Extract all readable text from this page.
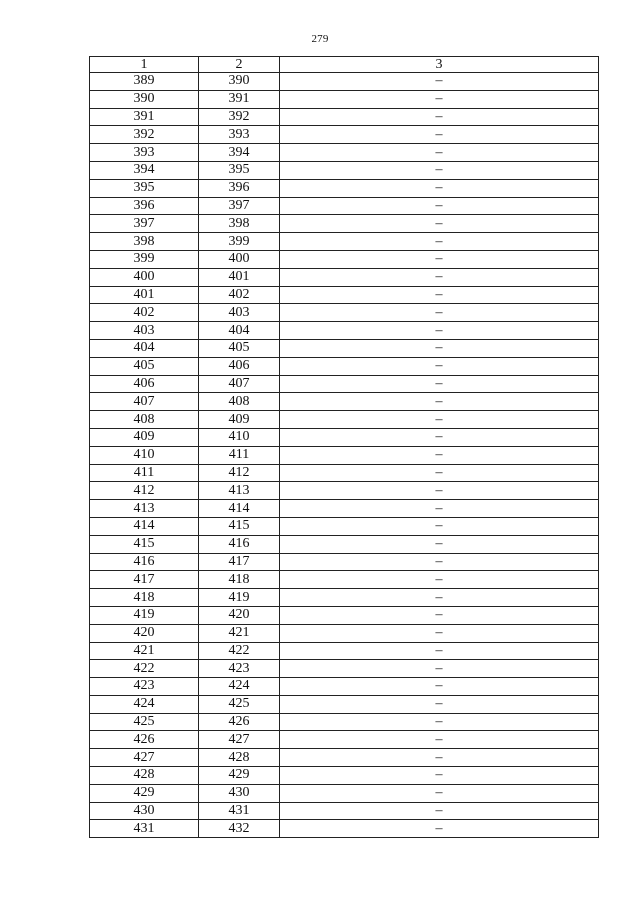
279
1	2	3
389	390	–
390	391	–
391	392	–
392	393	–
393	394	–
394	395	–
395	396	–
396	397	–
397	398	–
398	399	–
399	400	–
400	401	–
401	402	–
402	403	–
403	404	–
404	405	–
405	406	–
406	407	–
407	408	–
408	409	–
409	410	–
410	411	–
411	412	–
412	413	–
413	414	–
414	415	–
415	416	–
416	417	–
417	418	–
418	419	–
419	420	–
420	421	–
421	422	–
422	423	–
423	424	–
424	425	–
425	426	–
426	427	–
427	428	–
428	429	–
429	430	–
430	431	–
431	432	–
